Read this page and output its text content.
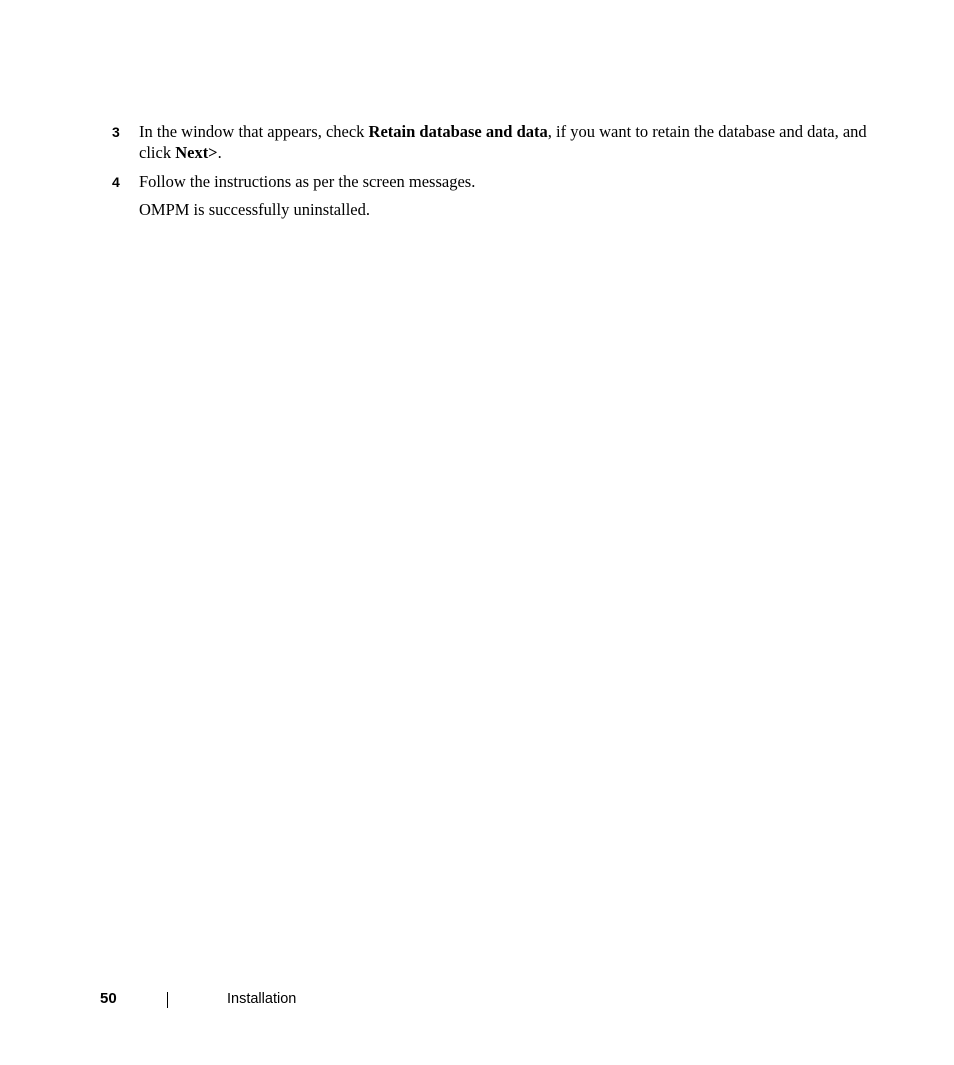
3	In the window that appears, check Retain database and data, if you want to retain the database and data, and click Next>.
4	Follow the instructions as per the screen messages.
OMPM is successfully uninstalled.
50	Installation
